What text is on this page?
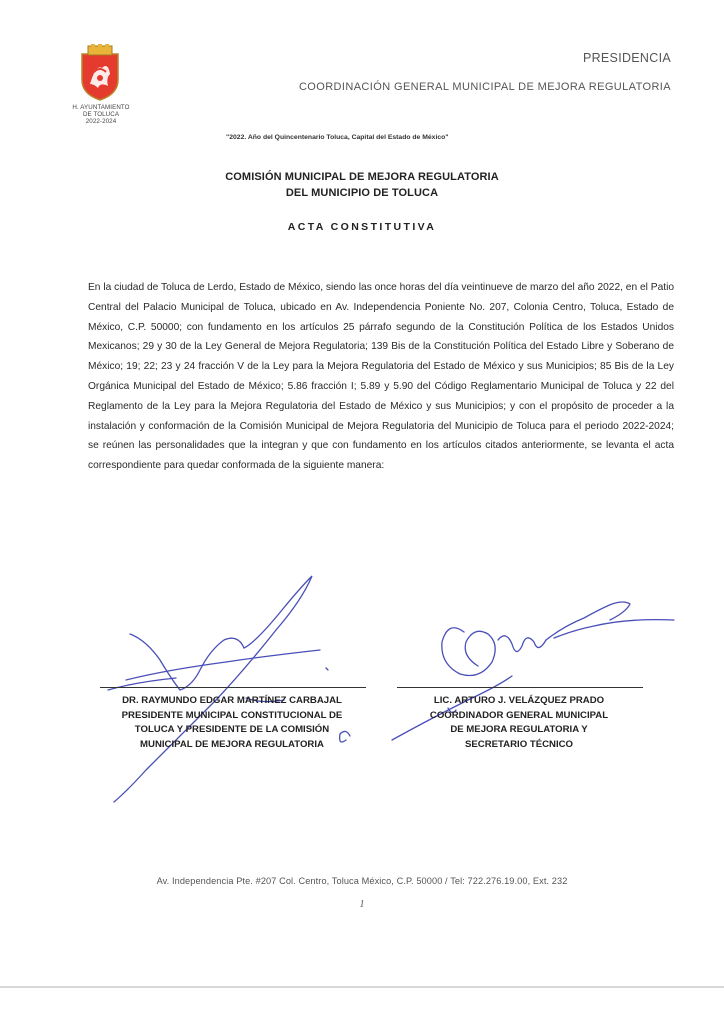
H. AYUNTAMIENTO
DE TOLUCA
2022-2024
PRESIDENCIA
COORDINACIÓN GENERAL MUNICIPAL DE MEJORA REGULATORIA
"2022. Año del Quincentenario Toluca, Capital del Estado de México"
COMISIÓN MUNICIPAL DE MEJORA REGULATORIA
DEL MUNICIPIO DE TOLUCA
ACTA CONSTITUTIVA
En la ciudad de Toluca de Lerdo, Estado de México, siendo las once horas del día veintinueve de marzo del año 2022, en el Patio Central del Palacio Municipal de Toluca, ubicado en Av. Independencia Poniente No. 207, Colonia Centro, Toluca, Estado de México, C.P. 50000; con fundamento en los artículos 25 párrafo segundo de la Constitución Política de los Estados Unidos Mexicanos; 29 y 30 de la Ley General de Mejora Regulatoria; 139 Bis de la Constitución Política del Estado Libre y Soberano de México; 19; 22; 23 y 24 fracción V de la Ley para la Mejora Regulatoria del Estado de México y sus Municipios; 85 Bis de la Ley Orgánica Municipal del Estado de México; 5.86 fracción I; 5.89 y 5.90 del Código Reglamentario Municipal de Toluca y 22 del Reglamento de la Ley para la Mejora Regulatoria del Estado de México y sus Municipios; y con el propósito de proceder a la instalación y conformación de la Comisión Municipal de Mejora Regulatoria del Municipio de Toluca para el periodo 2022-2024; se reúnen las personalidades que la integran y que con fundamento en los artículos citados anteriormente, se levanta el acta correspondiente para quedar conformada de la siguiente manera:
DR. RAYMUNDO EDGAR MARTÍNEZ CARBAJAL
PRESIDENTE MUNICIPAL CONSTITUCIONAL DE
TOLUCA Y PRESIDENTE DE LA COMISIÓN
MUNICIPAL DE MEJORA REGULATORIA
LIC. ARTURO J. VELÁZQUEZ PRADO
COORDINADOR GENERAL MUNICIPAL
DE MEJORA REGULATORIA Y
SECRETARIO TÉCNICO
Av. Independencia Pte. #207 Col. Centro, Toluca México, C.P. 50000 / Tel: 722.276.19.00, Ext. 232
1
